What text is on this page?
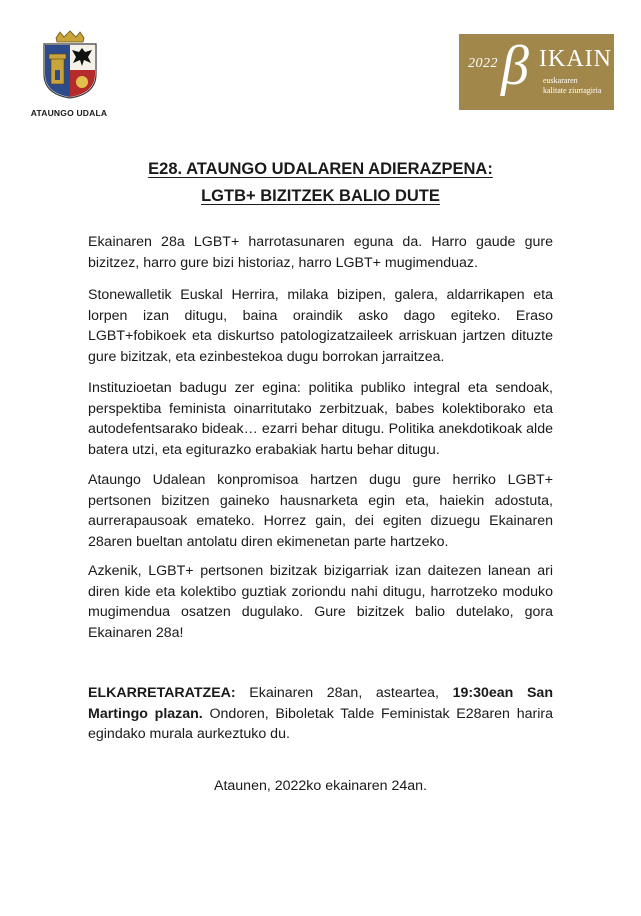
ATAUNGO UDALA
2022 β IKAIN
euskararen
kalitate ziurtagiria
E28. ATAUNGO UDALAREN ADIERAZPENA:
LGTB+ BIZITZEK BALIO DUTE

Ekainaren 28a LGBT+ harrotasunaren eguna da. Harro gaude gure bizitzez, harro gure bizi historiaz, harro LGBT+ mugimenduaz.

Stonewalletik Euskal Herrira, milaka bizipen, galera, aldarrikapen eta lorpen izan ditugu, baina oraindik asko dago egiteko. Eraso LGBT+fobikoek eta diskurtso patologizatzaileek arriskuan jartzen dituzte gure bizitzak, eta ezinbestekoa dugu borrokan jarraitzea.

Instituzioetan badugu zer egina: politika publiko integral eta sendoak, perspektiba feminista oinarritutako zerbitzuak, babes kolektiborako eta autodefentsarako bideak… ezarri behar ditugu. Politika anekdotikoak alde batera utzi, eta egiturazko erabakiak hartu behar ditugu.

Ataungo Udalean konpromisoa hartzen dugu gure herriko LGBT+ pertsonen bizitzen gaineko hausnarketa egin eta, haiekin adostuta, aurrerapausoak emateko. Horrez gain, dei egiten dizuegu Ekainaren 28aren bueltan antolatu diren ekimenetan parte hartzeko.

Azkenik, LGBT+ pertsonen bizitzak bizigarriak izan daitezen lanean ari diren kide eta kolektibo guztiak zoriondu nahi ditugu, harrotzeko moduko mugimendua osatzen dugulako. Gure bizitzek balio dutelako, gora Ekainaren 28a!

ELKARRETARATZEA: Ekainaren 28an, asteartea, 19:30ean San Martingo plazan. Ondoren, Biboletak Talde Feministak E28aren harira egindako murala aurkeztuko du.

Ataunen, 2022ko ekainaren 24an.
